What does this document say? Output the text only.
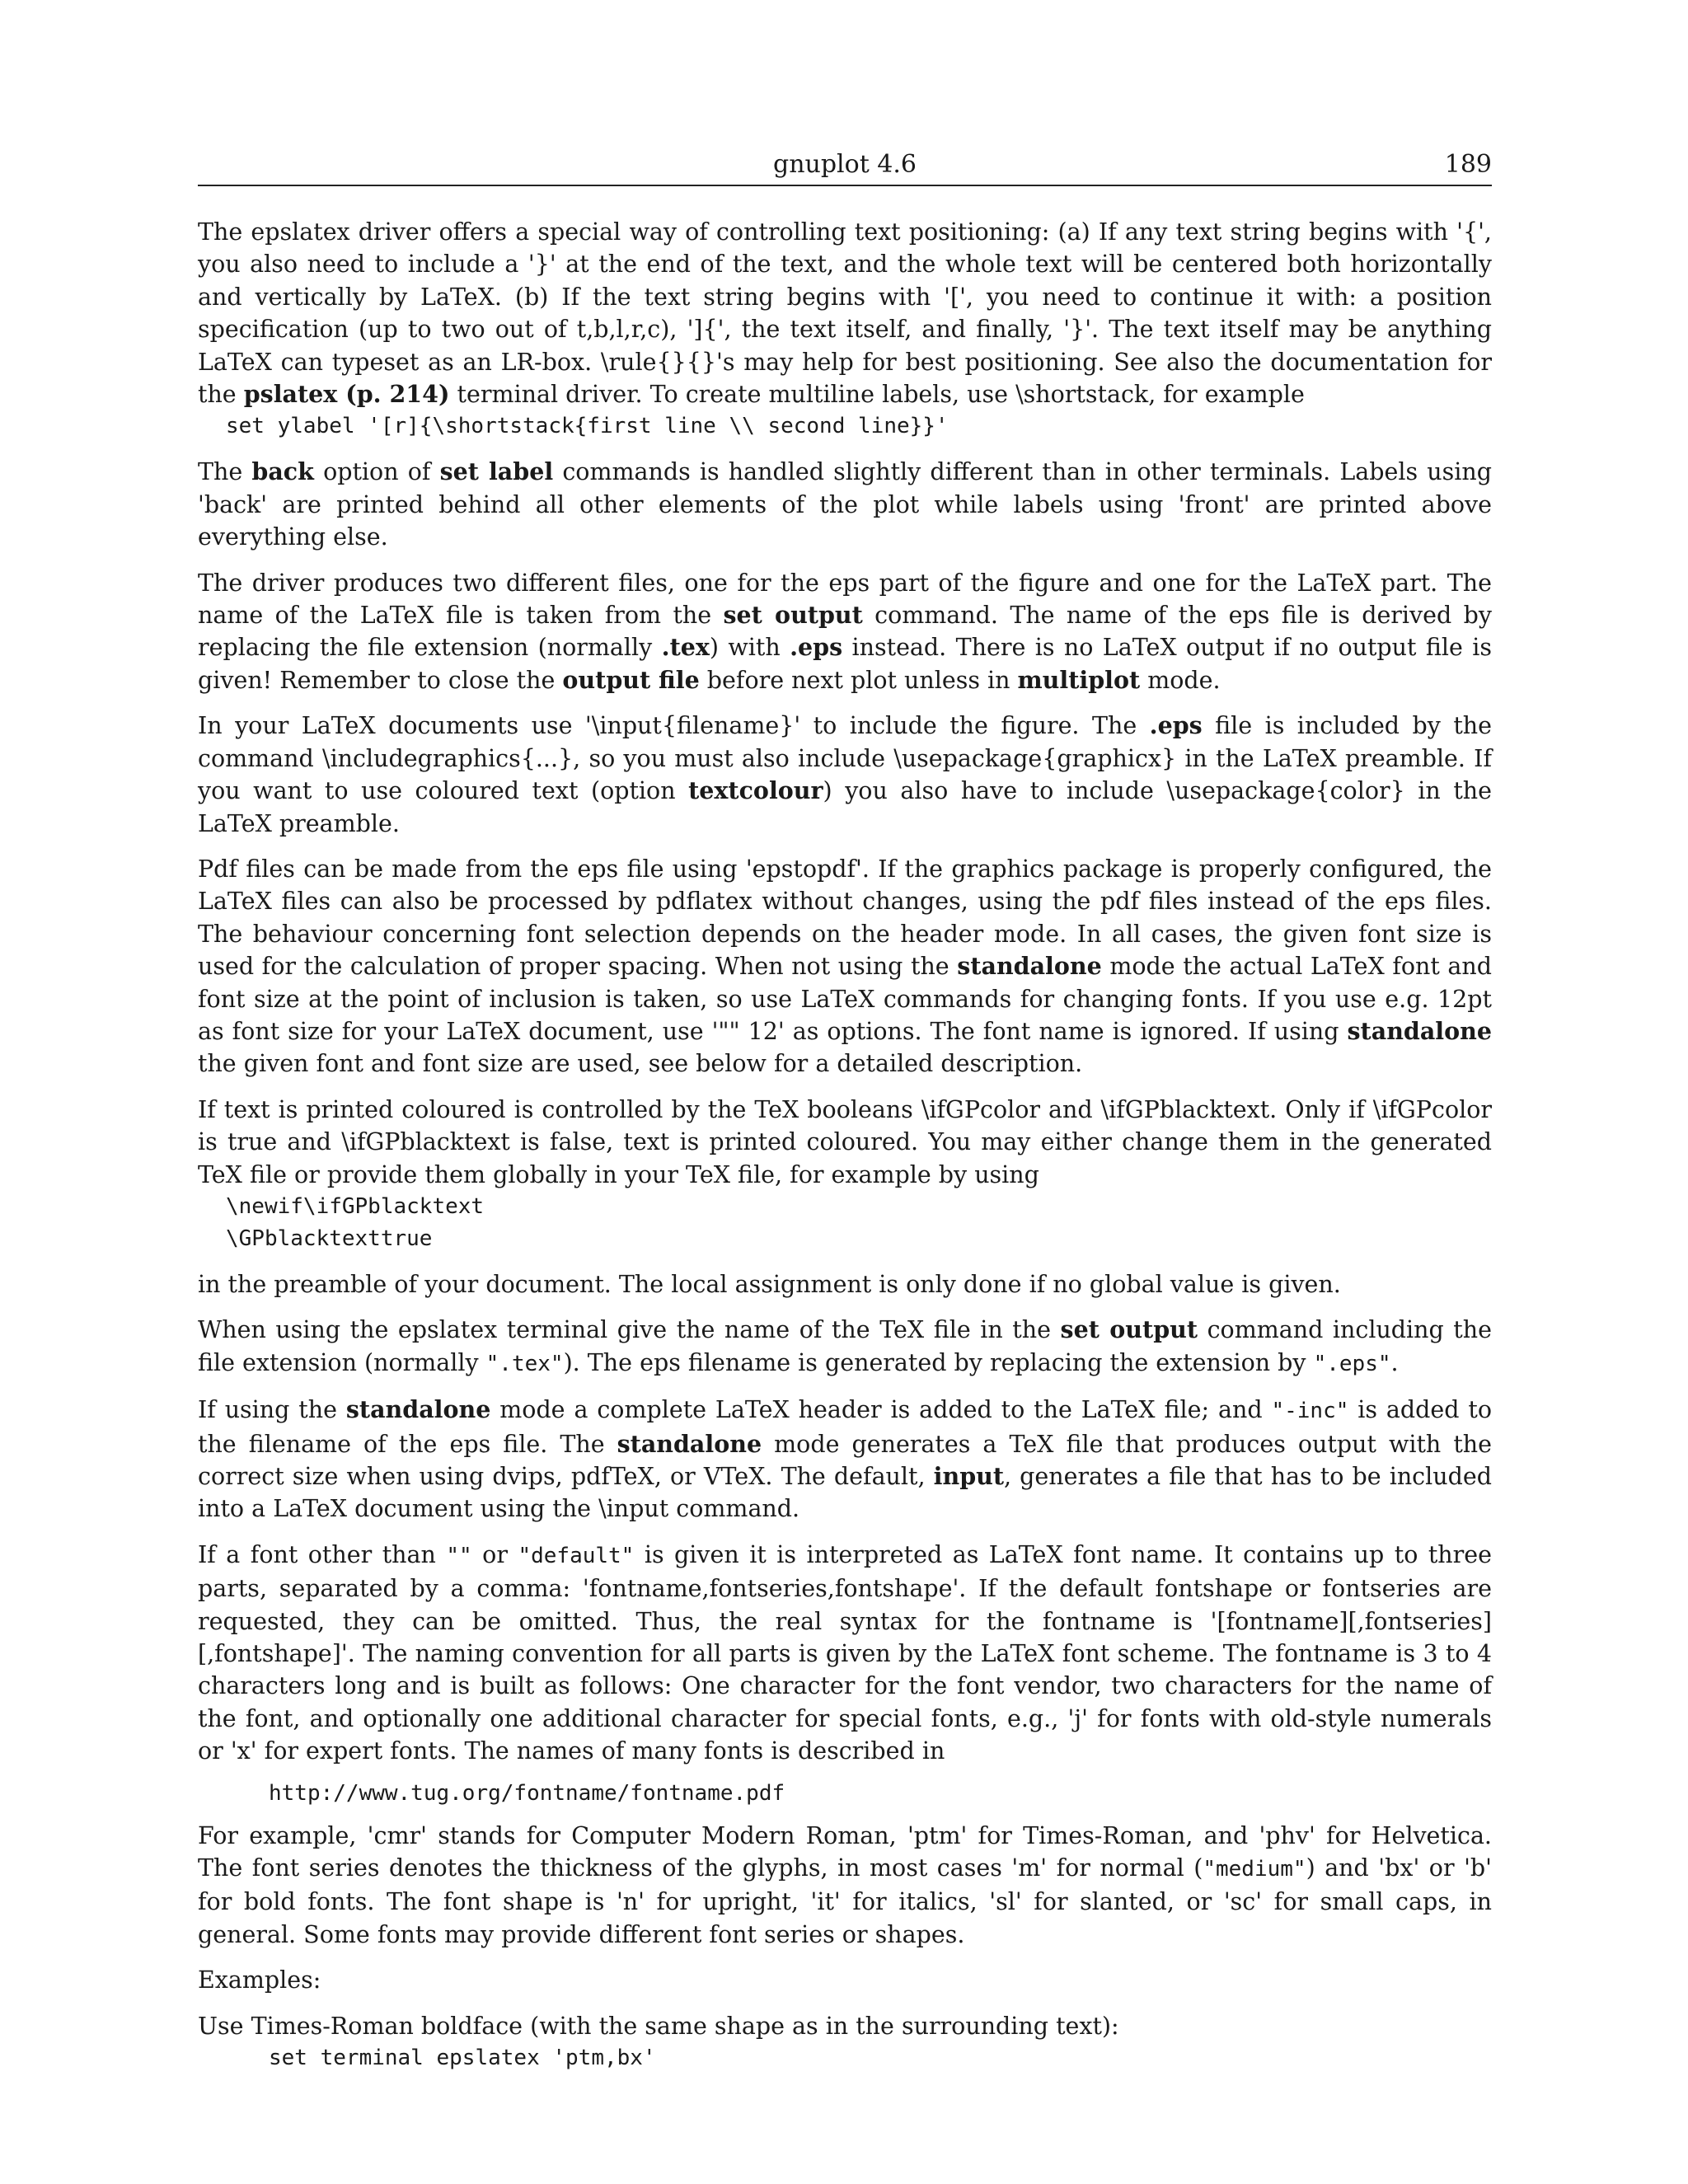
gnuplot 4.6	189

The epslatex driver offers a special way of controlling text positioning: (a) If any text string begins with '{', you also need to include a '}' at the end of the text, and the whole text will be centered both horizontally and vertically by LaTeX. (b) If the text string begins with '[', you need to continue it with: a position specification (up to two out of t,b,l,r,c), ']{', the text itself, and finally, '}'. The text itself may be anything LaTeX can typeset as an LR-box. \rule{}{}'s may help for best positioning. See also the documentation for the pslatex (p. 214) terminal driver. To create multiline labels, use \shortstack, for example

set ylabel '[r]{\shortstack{first line \\ second line}}'

The back option of set label commands is handled slightly different than in other terminals. Labels using 'back' are printed behind all other elements of the plot while labels using 'front' are printed above everything else.

The driver produces two different files, one for the eps part of the figure and one for the LaTeX part. The name of the LaTeX file is taken from the set output command. The name of the eps file is derived by replacing the file extension (normally .tex) with .eps instead. There is no LaTeX output if no output file is given! Remember to close the output file before next plot unless in multiplot mode.

In your LaTeX documents use '\input{filename}' to include the figure. The .eps file is included by the command \includegraphics{...}, so you must also include \usepackage{graphicx} in the LaTeX preamble. If you want to use coloured text (option textcolour) you also have to include \usepackage{color} in the LaTeX preamble.

Pdf files can be made from the eps file using 'epstopdf'. If the graphics package is properly configured, the LaTeX files can also be processed by pdflatex without changes, using the pdf files instead of the eps files. The behaviour concerning font selection depends on the header mode. In all cases, the given font size is used for the calculation of proper spacing. When not using the standalone mode the actual LaTeX font and font size at the point of inclusion is taken, so use LaTeX commands for changing fonts. If you use e.g. 12pt as font size for your LaTeX document, use '"" 12' as options. The font name is ignored. If using standalone the given font and font size are used, see below for a detailed description.

If text is printed coloured is controlled by the TeX booleans \ifGPcolor and \ifGPblacktext. Only if \ifGPcolor is true and \ifGPblacktext is false, text is printed coloured. You may either change them in the generated TeX file or provide them globally in your TeX file, for example by using

\newif\ifGPblacktext
\GPblacktexttrue

in the preamble of your document. The local assignment is only done if no global value is given.

When using the epslatex terminal give the name of the TeX file in the set output command including the file extension (normally ".tex"). The eps filename is generated by replacing the extension by ".eps".

If using the standalone mode a complete LaTeX header is added to the LaTeX file; and "-inc" is added to the filename of the eps file. The standalone mode generates a TeX file that produces output with the correct size when using dvips, pdfTeX, or VTeX. The default, input, generates a file that has to be included into a LaTeX document using the \input command.

If a font other than "" or "default" is given it is interpreted as LaTeX font name. It contains up to three parts, separated by a comma: 'fontname,fontseries,fontshape'. If the default fontshape or fontseries are requested, they can be omitted. Thus, the real syntax for the fontname is '[fontname][,fontseries][,fontshape]'. The naming convention for all parts is given by the LaTeX font scheme. The fontname is 3 to 4 characters long and is built as follows: One character for the font vendor, two characters for the name of the font, and optionally one additional character for special fonts, e.g., 'j' for fonts with old-style numerals or 'x' for expert fonts. The names of many fonts is described in

http://www.tug.org/fontname/fontname.pdf

For example, 'cmr' stands for Computer Modern Roman, 'ptm' for Times-Roman, and 'phv' for Helvetica. The font series denotes the thickness of the glyphs, in most cases 'm' for normal ("medium") and 'bx' or 'b' for bold fonts. The font shape is 'n' for upright, 'it' for italics, 'sl' for slanted, or 'sc' for small caps, in general. Some fonts may provide different font series or shapes.

Examples:

Use Times-Roman boldface (with the same shape as in the surrounding text):

set terminal epslatex 'ptm,bx'
